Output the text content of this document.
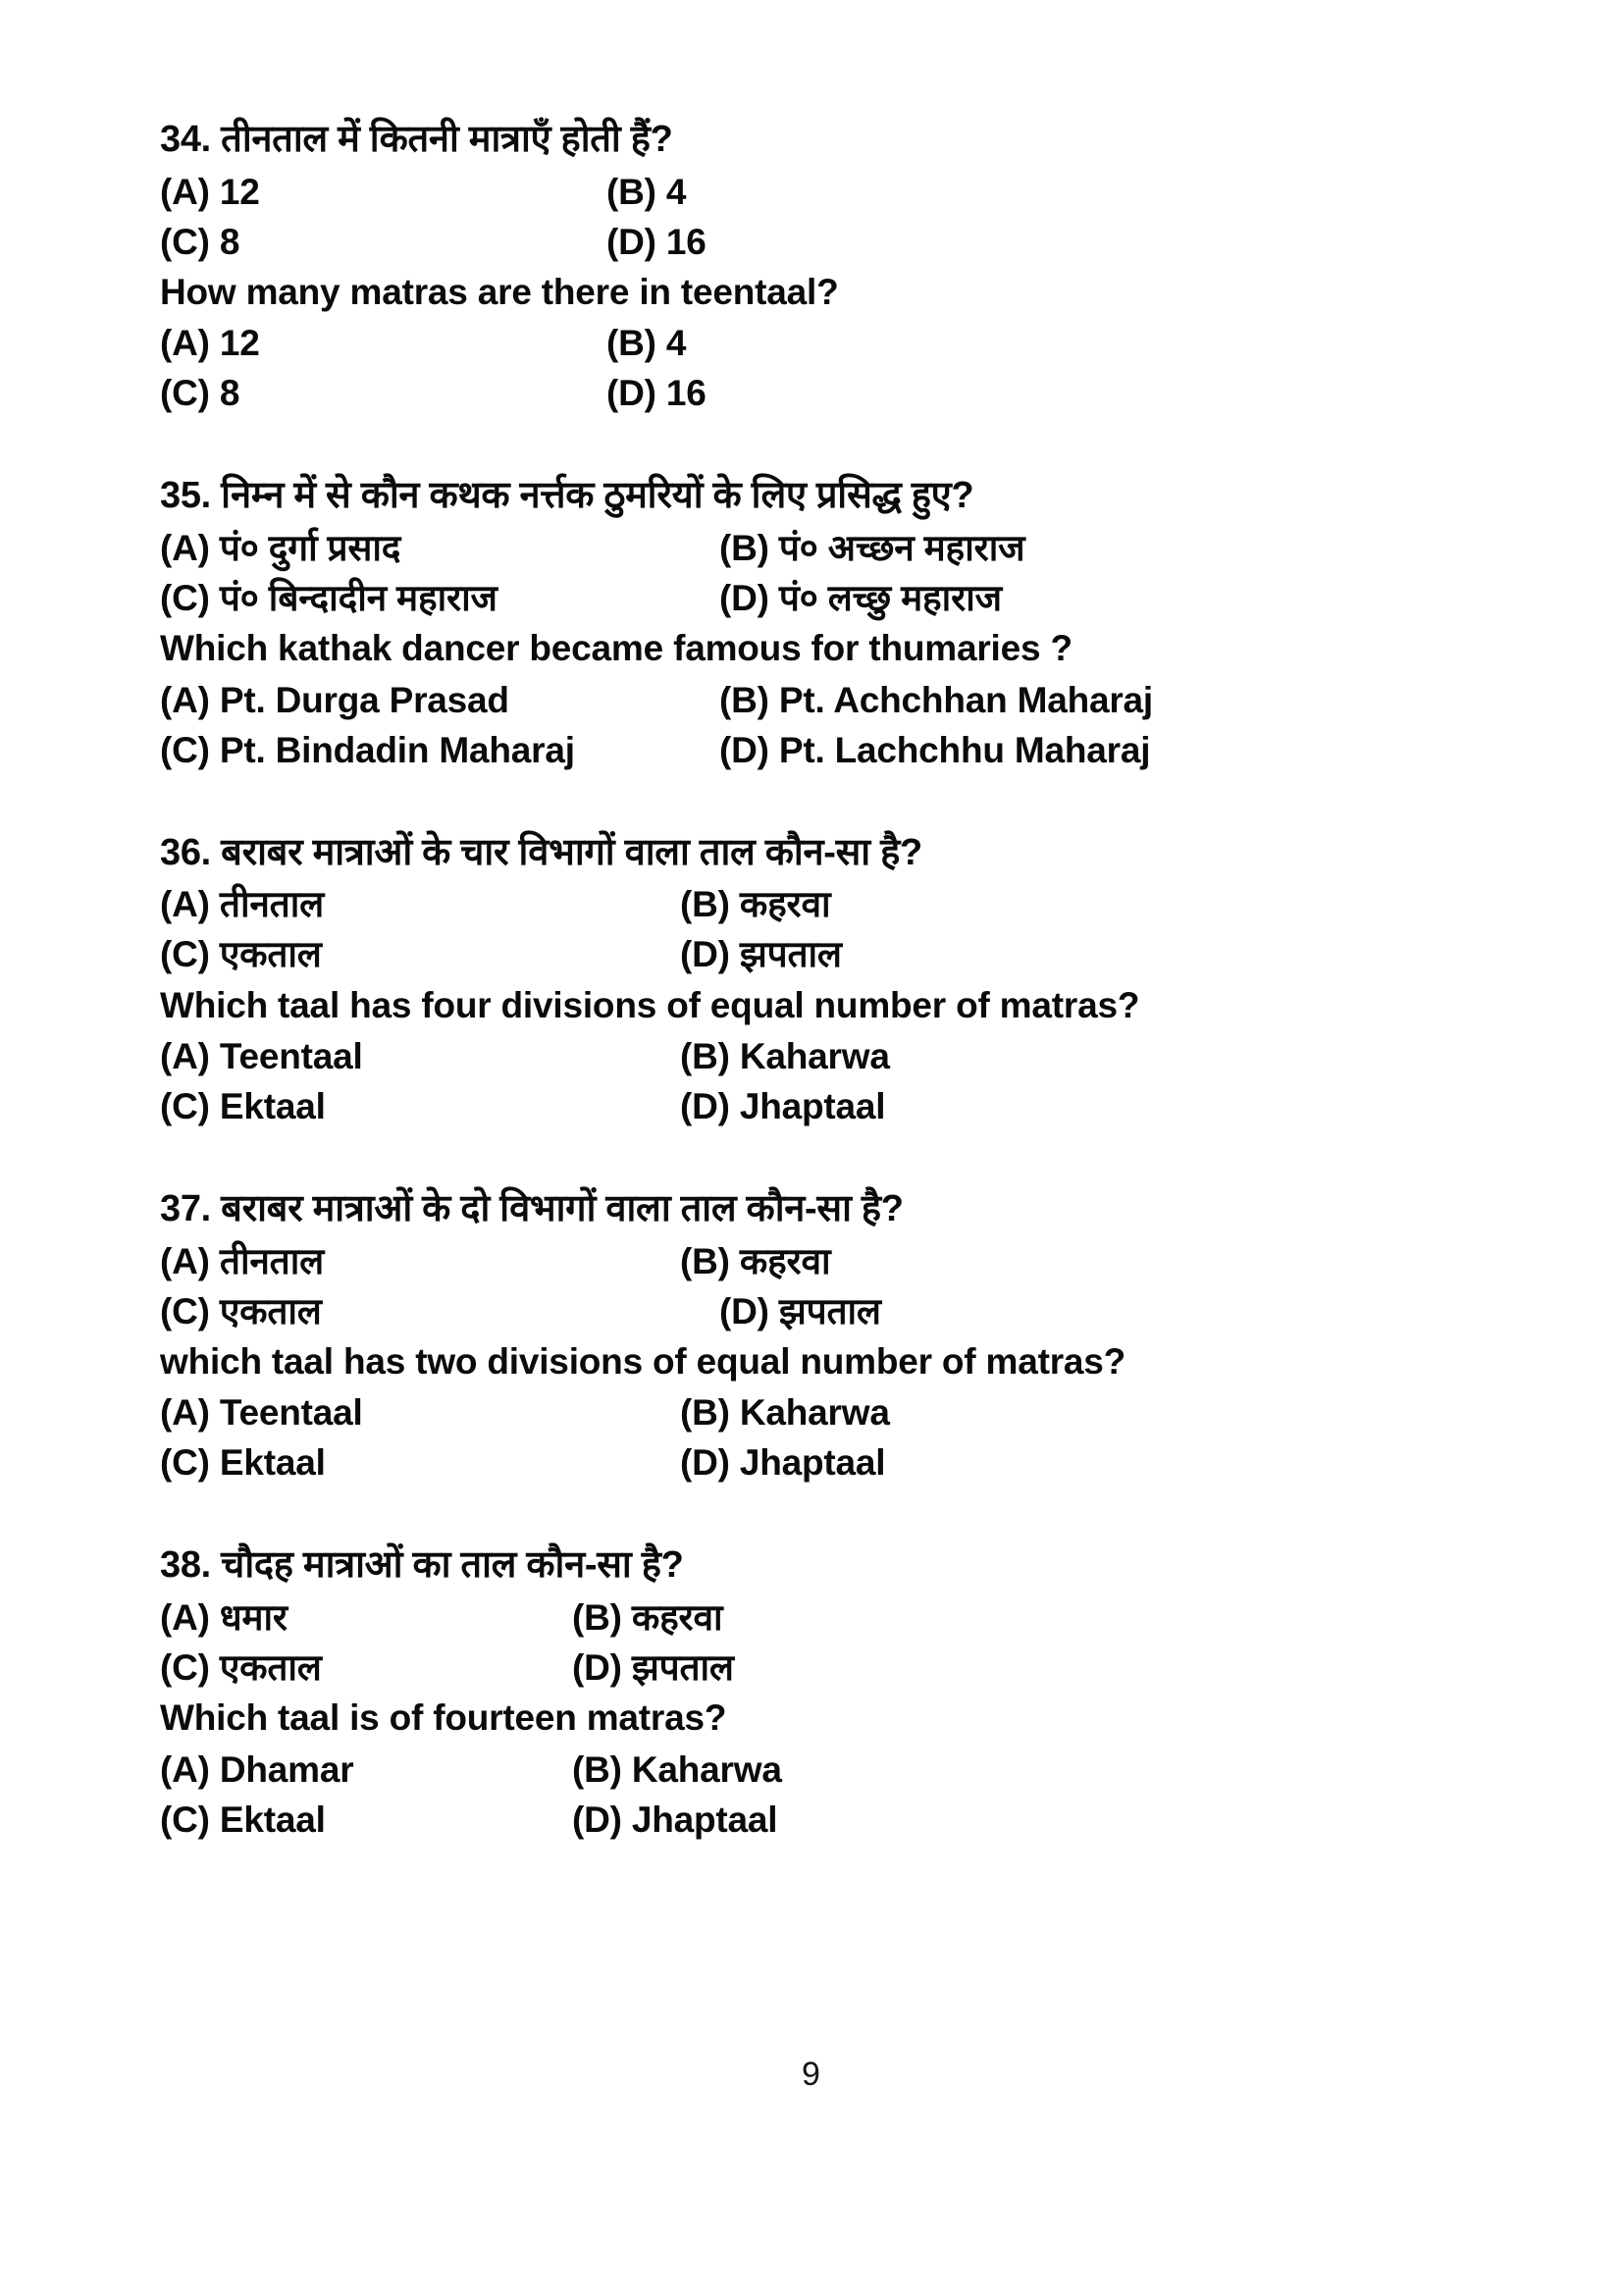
34. तीनताल में कितनी मात्राएँ होती हैं?
(A) 12	(B) 4
(C) 8	(D) 16
How many matras are there in teentaal?
(A) 12	(B) 4
(C) 8	(D) 16
35. निम्न में से कौन कथक नर्त्तक ठुमरियों के लिए प्रसिद्ध हुए?
(A) पं० दुर्गा प्रसाद	(B) पं० अच्छन महाराज
(C) पं० बिन्दादीन महाराज	(D) पं० लच्छु महाराज
Which kathak dancer became famous for thumaries ?
(A) Pt. Durga Prasad	(B) Pt. Achchhan Maharaj
(C) Pt. Bindadin Maharaj	(D) Pt. Lachchhu Maharaj
36. बराबर मात्राओं के चार विभागों वाला ताल कौन-सा है?
(A) तीनताल	(B) कहरवा
(C) एकताल	(D) झपताल
Which taal has four divisions of equal number of matras?
(A) Teentaal	(B) Kaharwa
(C) Ektaal	(D) Jhaptaal
37. बराबर मात्राओं के दो विभागों वाला ताल कौन-सा है?
(A) तीनताल	(B) कहरवा
(C) एकताल	(D) झपताल
which taal has two divisions of equal number of matras?
(A) Teentaal	(B) Kaharwa
(C) Ektaal	(D) Jhaptaal
38. चौदह मात्राओं का ताल कौन-सा है?
(A) धमार	(B) कहरवा
(C) एकताल	(D) झपताल
Which taal is of fourteen matras?
(A) Dhamar	(B) Kaharwa
(C) Ektaal	(D) Jhaptaal
9
